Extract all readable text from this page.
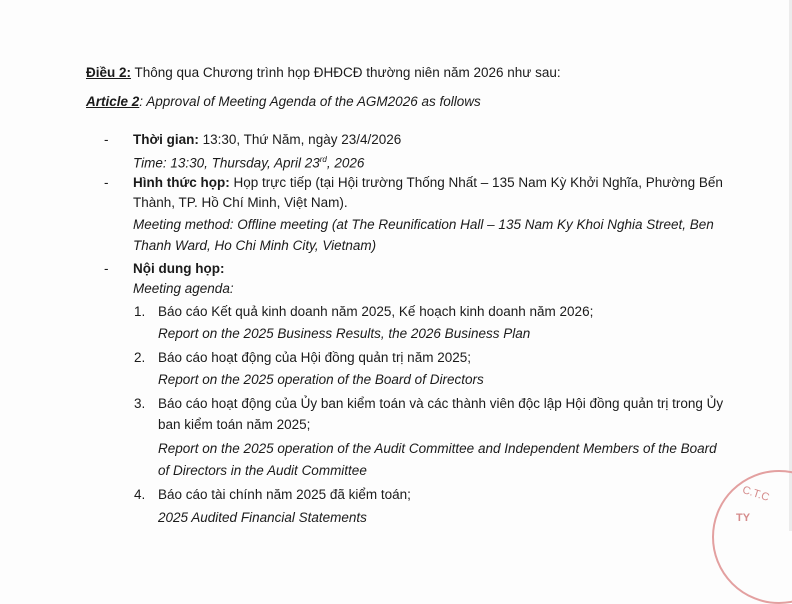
Điều 2: Thông qua Chương trình họp ĐHĐCĐ thường niên năm 2026 như sau:
Article 2: Approval of Meeting Agenda of the AGM2026 as follows
- Thời gian: 13:30, Thứ Năm, ngày 23/4/2026
Time: 13:30, Thursday, April 23rd, 2026
- Hình thức họp: Họp trực tiếp (tại Hội trường Thống Nhất – 135 Nam Kỳ Khởi Nghĩa, Phường Bến
Thành, TP. Hồ Chí Minh, Việt Nam).
Meeting method: Offline meeting (at The Reunification Hall – 135 Nam Ky Khoi Nghia Street, Ben
Thanh Ward, Ho Chi Minh City, Vietnam)
- Nội dung họp:
Meeting agenda:
1. Báo cáo Kết quả kinh doanh năm 2025, Kế hoạch kinh doanh năm 2026;
Report on the 2025 Business Results, the 2026 Business Plan
2. Báo cáo hoạt động của Hội đồng quản trị năm 2025;
Report on the 2025 operation of the Board of Directors
3. Báo cáo hoạt động của Ủy ban kiểm toán và các thành viên độc lập Hội đồng quản trị trong Ủy
ban kiểm toán năm 2025;
Report on the 2025 operation of the Audit Committee and Independent Members of the Board
of Directors in the Audit Committee
4. Báo cáo tài chính năm 2025 đã kiểm toán;
2025 Audited Financial Statements
C.T.C
TY
